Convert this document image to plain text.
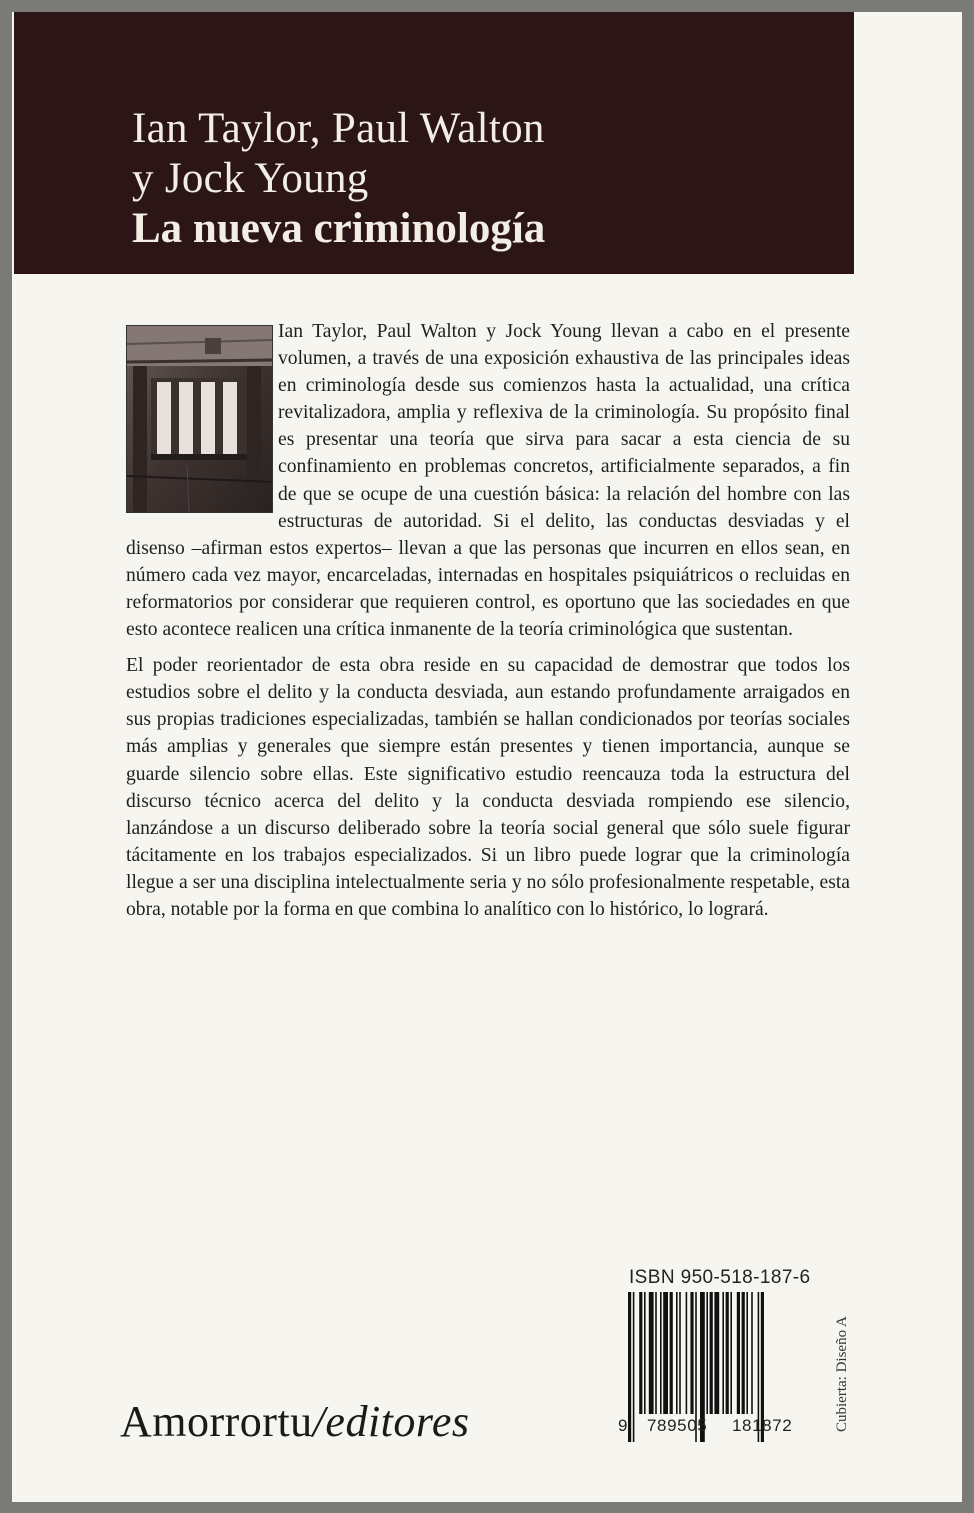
Ian Taylor, Paul Walton
y Jock Young
La nueva criminología

Ian Taylor, Paul Walton y Jock Young llevan a cabo en el presente volumen, a través de una exposición exhaustiva de las principales ideas en criminología desde sus comienzos hasta la actualidad, una crítica revitalizadora, amplia y reflexiva de la criminología. Su propósito final es presentar una teoría que sirva para sacar a esta ciencia de su confinamiento en problemas concretos, artificialmente separados, a fin de que se ocupe de una cuestión básica: la relación del hombre con las estructuras de autoridad. Si el delito, las conductas desviadas y el disenso –afirman estos expertos– llevan a que las personas que incurren en ellos sean, en número cada vez mayor, encarceladas, internadas en hospitales psiquiátricos o recluidas en reformatorios por considerar que requieren control, es oportuno que las sociedades en que esto acontece realicen una crítica inmanente de la teoría criminológica que sustentan.

El poder reorientador de esta obra reside en su capacidad de demostrar que todos los estudios sobre el delito y la conducta desviada, aun estando profundamente arraigados en sus propias tradiciones especializadas, también se hallan condicionados por teorías sociales más amplias y generales que siempre están presentes y tienen importancia, aunque se guarde silencio sobre ellas. Este significativo estudio reencauza toda la estructura del discurso técnico acerca del delito y la conducta desviada rompiendo ese silencio, lanzándose a un discurso deliberado sobre la teoría social general que sólo suele figurar tácitamente en los trabajos especializados. Si un libro puede lograr que la criminología llegue a ser una disciplina intelectualmente seria y no sólo profesionalmente respetable, esta obra, notable por la forma en que combina lo analítico con lo histórico, lo logrará.

ISBN 950-518-187-6
9 789505 181872	Cubierta: Diseño A
Amorrortu/editores
